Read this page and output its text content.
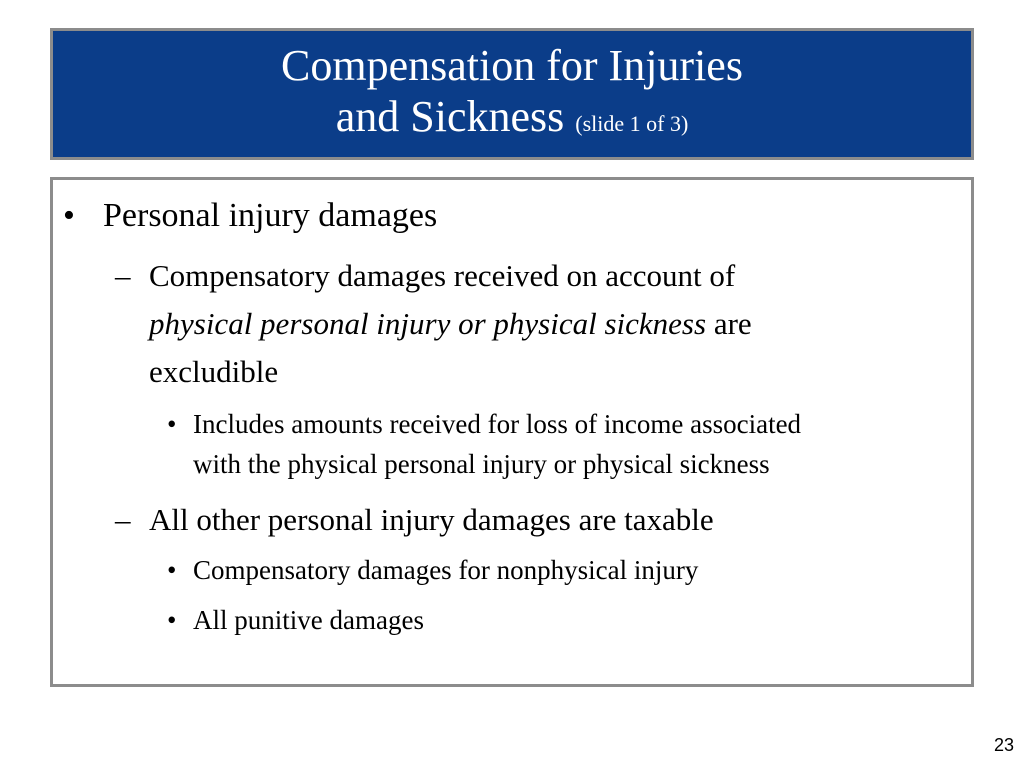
Compensation for Injuries
and Sickness (slide 1 of 3)
• Personal injury damages
– Compensatory damages received on account of
physical personal injury or physical sickness are
excludible
• Includes amounts received for loss of income associated
with the physical personal injury or physical sickness
– All other personal injury damages are taxable
• Compensatory damages for nonphysical injury
• All punitive damages
23
